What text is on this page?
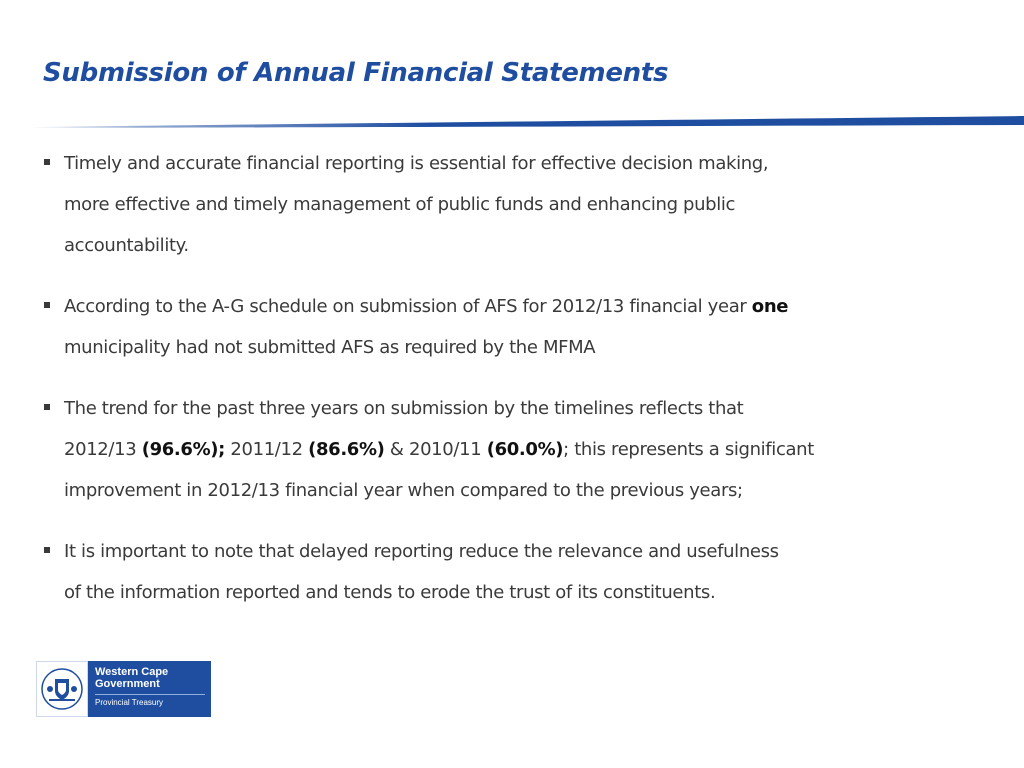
Submission of Annual Financial Statements
Timely and accurate financial reporting is essential for effective decision making,
more effective and timely management of public funds and enhancing public
accountability.
According to the A-G schedule on submission of AFS for 2012/13 financial year one
municipality had not submitted AFS as required by the MFMA
The trend for the past three years on submission by the timelines reflects that
2012/13 (96.6%); 2011/12 (86.6%) & 2010/11 (60.0%); this represents a significant
improvement in 2012/13 financial year when compared to the previous years;
It is important to note that delayed reporting reduce the relevance and usefulness
of the information reported and tends to erode the trust of its constituents.
Western Cape
Government
Provincial Treasury
